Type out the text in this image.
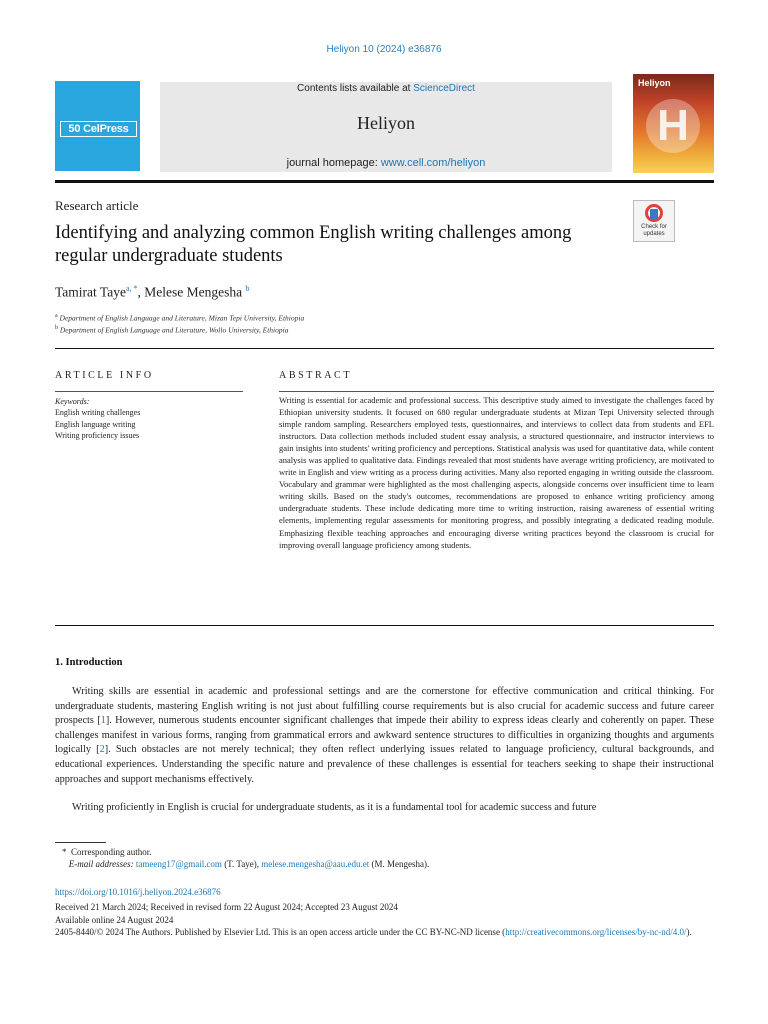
Heliyon 10 (2024) e36876
50 CelPress
Contents lists available at ScienceDirect
Heliyon
journal homepage: www.cell.com/heliyon
Heliyon
H
Research article
Check for updates
Identifying and analyzing common English writing challenges among regular undergraduate students
Tamirat Taye$^{a, *}$, Melese Mengesha $^b$
$^a$ Department of English Language and Literature, Mizan Tepi University, Ethiopia
$^b$ Department of English Language and Literature, Wollo University, Ethiopia
ARTICLE INFO	ABSTRACT
Keywords:
English writing challenges
English language writing
Writing proficiency issues
Writing is essential for academic and professional success. This descriptive study aimed to investigate the challenges faced by Ethiopian university students. It focused on 680 regular undergraduate students at Mizan Tepi University selected through simple random sampling. Researchers employed tests, questionnaires, and interviews to collect data from students and EFL instructors. Data collection methods included student essay analysis, a structured questionnaire, and instructor interviews to gain insights into students' writing proficiency and perceptions. Statistical analysis was used for quantitative data, while content analysis was applied to qualitative data. Findings revealed that most students have average writing proficiency, are motivated to write in English and view writing as a process during activities. Many also reported engaging in writing outside the classroom. Vocabulary and grammar were highlighted as the most challenging aspects, alongside concerns over insufficient time to learn writing skills. Based on the study's outcomes, recommendations are proposed to enhance writing proficiency among undergraduate students. These include dedicating more time to writing instruction, raising awareness of essential writing elements, implementing regular assessments for monitoring progress, and possibly integrating a dedicated reading module. Emphasizing flexible teaching approaches and encouraging diverse writing practices beyond the classroom is crucial for improving overall language proficiency among students.
1. Introduction

Writing skills are essential in academic and professional settings and are the cornerstone for effective communication and critical thinking. For undergraduate students, mastering English writing is not just about fulfilling course requirements but is also crucial for academic success and future career prospects [1]. However, numerous students encounter significant challenges that impede their ability to express ideas clearly and coherently on paper. These challenges manifest in various forms, ranging from grammatical errors and awkward sentence structures to difficulties in organizing thoughts and arguments logically [2]. Such obstacles are not merely technical; they often reflect underlying issues related to language proficiency, cultural backgrounds, and educational experiences. Understanding the specific nature and prevalence of these challenges is essential for teachers seeking to shape their instructional approaches and support mechanisms effectively.

Writing proficiently in English is crucial for undergraduate students, as it is a fundamental tool for academic success and future

* Corresponding author.
E-mail addresses: tameeng17@gmail.com (T. Taye), melese.mengesha@aau.edu.et (M. Mengesha).
https://doi.org/10.1016/j.heliyon.2024.e36876
Received 21 March 2024; Received in revised form 22 August 2024; Accepted 23 August 2024
Available online 24 August 2024
2405-8440/© 2024 The Authors. Published by Elsevier Ltd. This is an open access article under the CC BY-NC-ND license (http://creativecommons.org/licenses/by-nc-nd/4.0/).
